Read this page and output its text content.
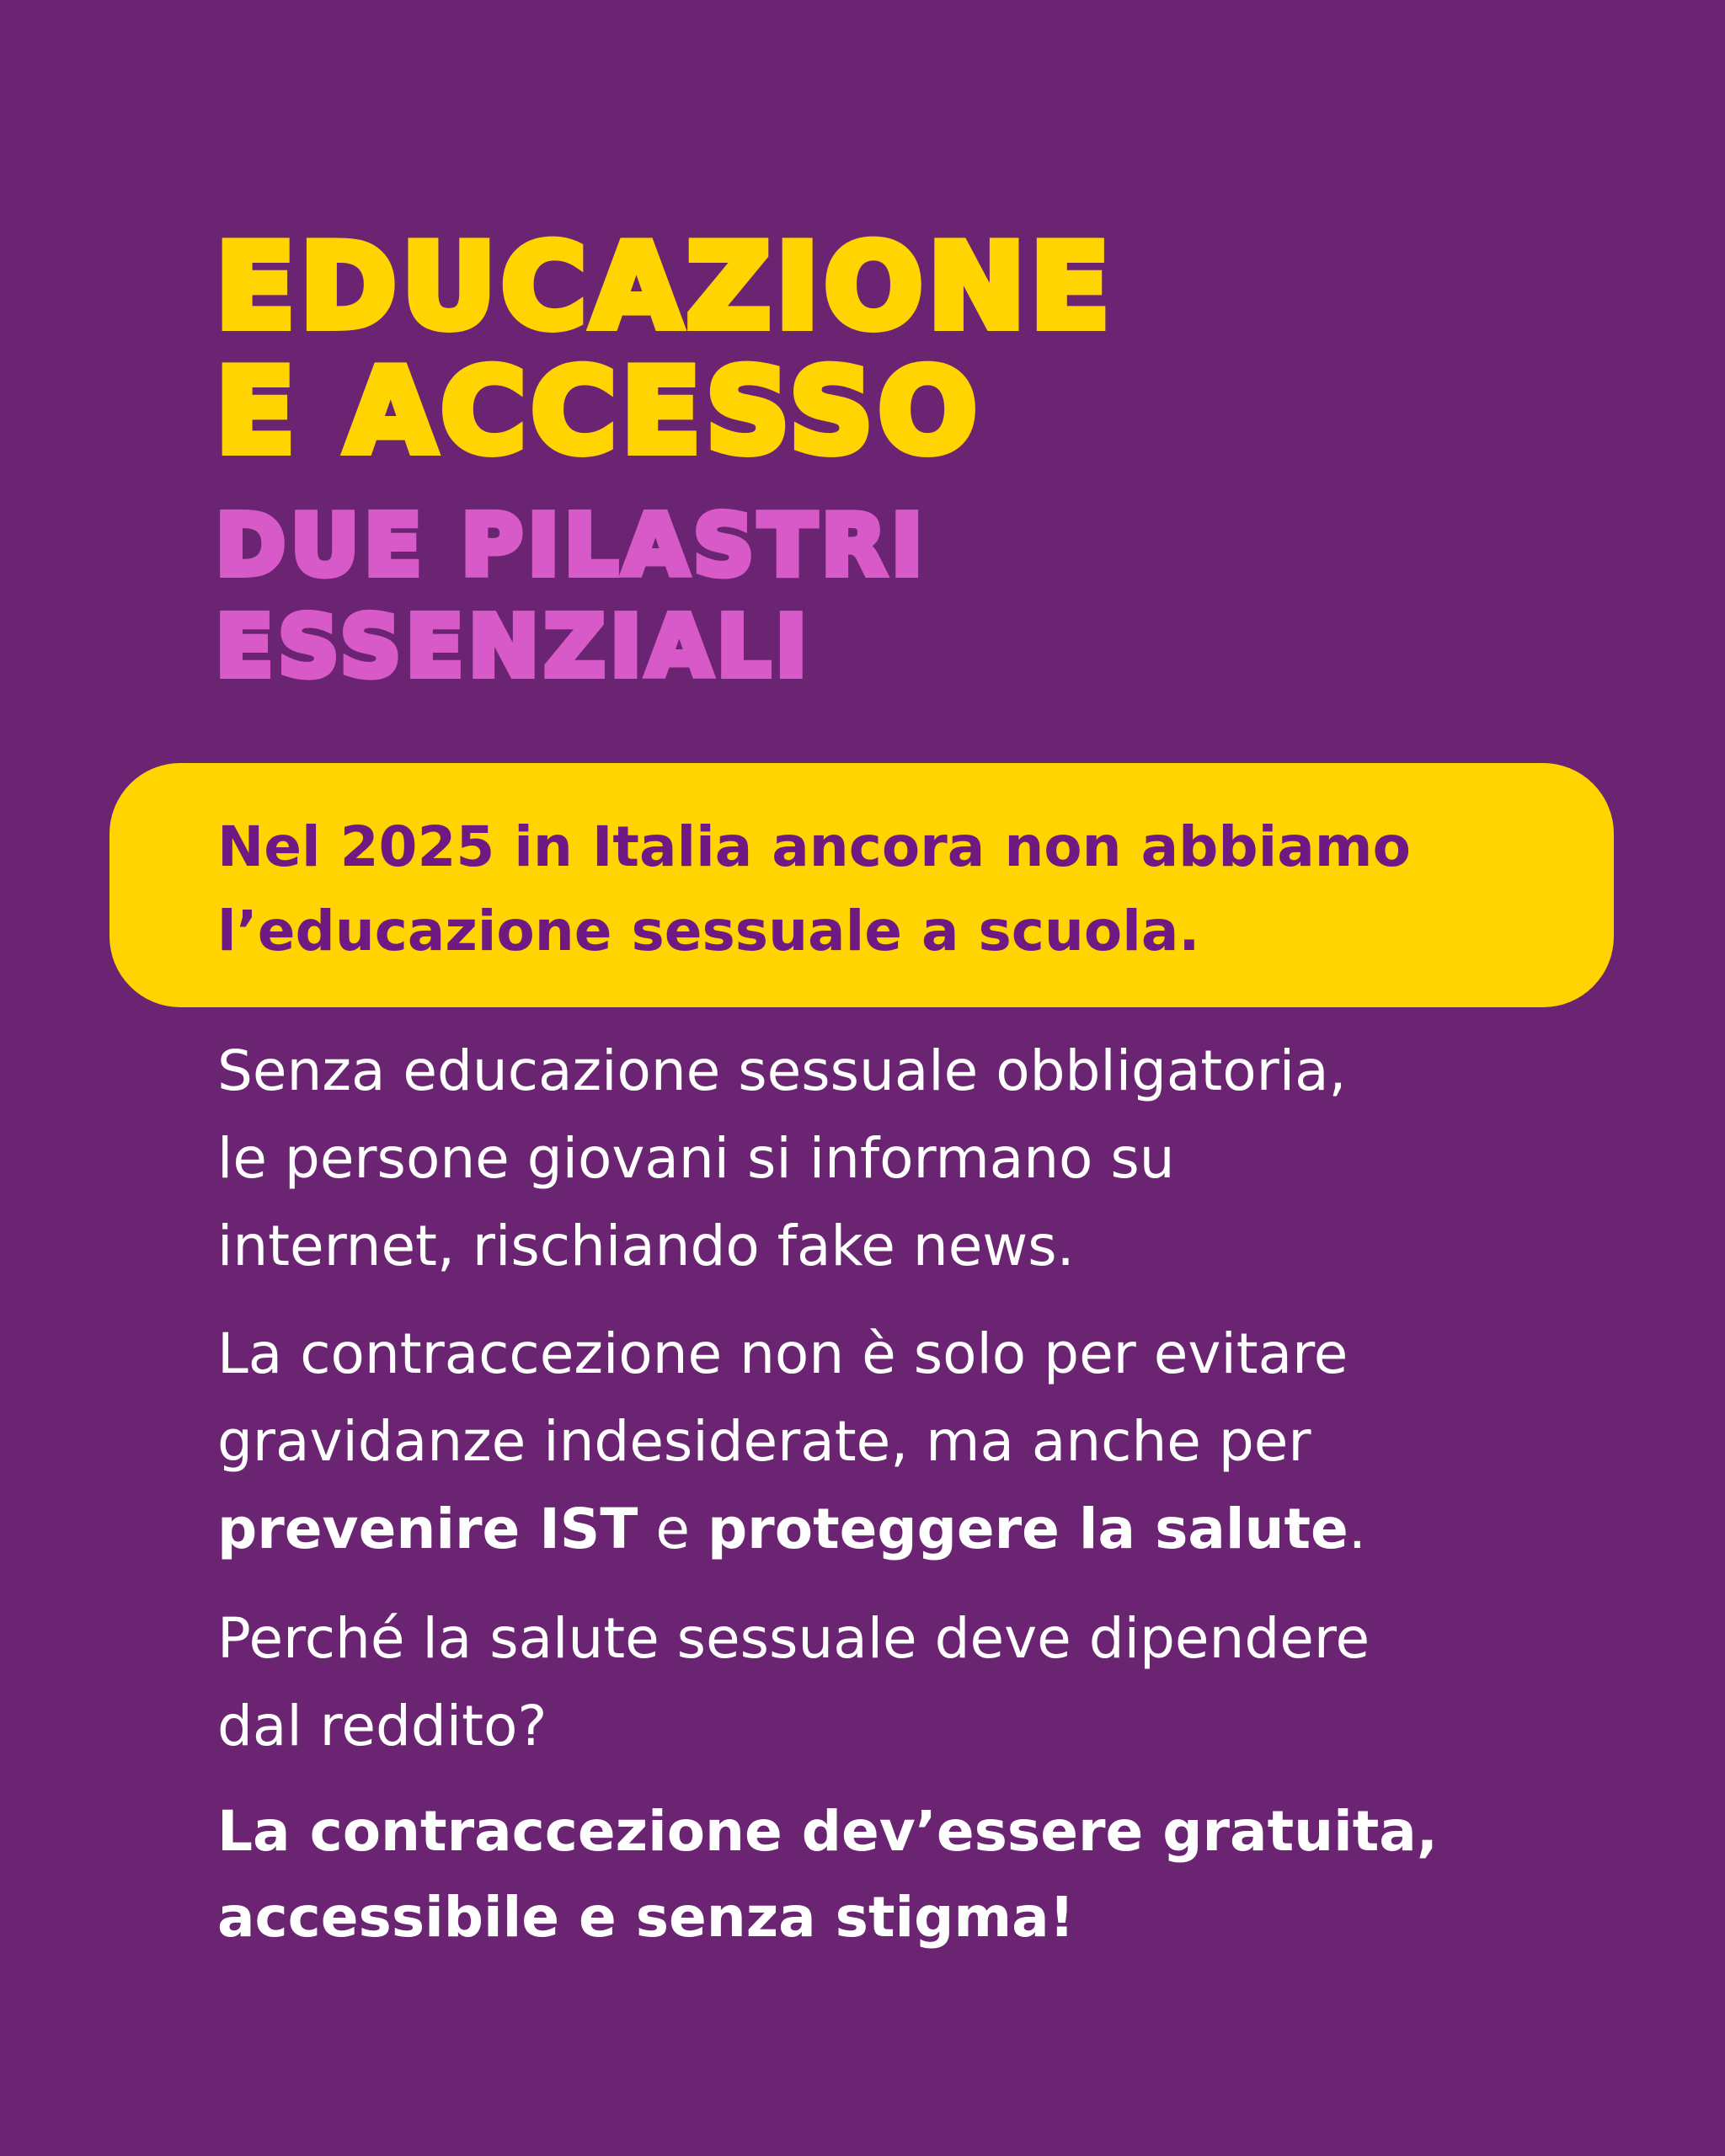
EDUCAZIONE
E ACCESSO
DUE PILASTRI
ESSENZIALI
Nel 2025 in Italia ancora non abbiamo
l’educazione sessuale a scuola.
Senza educazione sessuale obbligatoria,
le persone giovani si informano su
internet, rischiando fake news.
La contraccezione non è solo per evitare
gravidanze indesiderate, ma anche per
prevenire IST e proteggere la salute.
Perché la salute sessuale deve dipendere
dal reddito?
La contraccezione dev’essere gratuita,
accessibile e senza stigma!
